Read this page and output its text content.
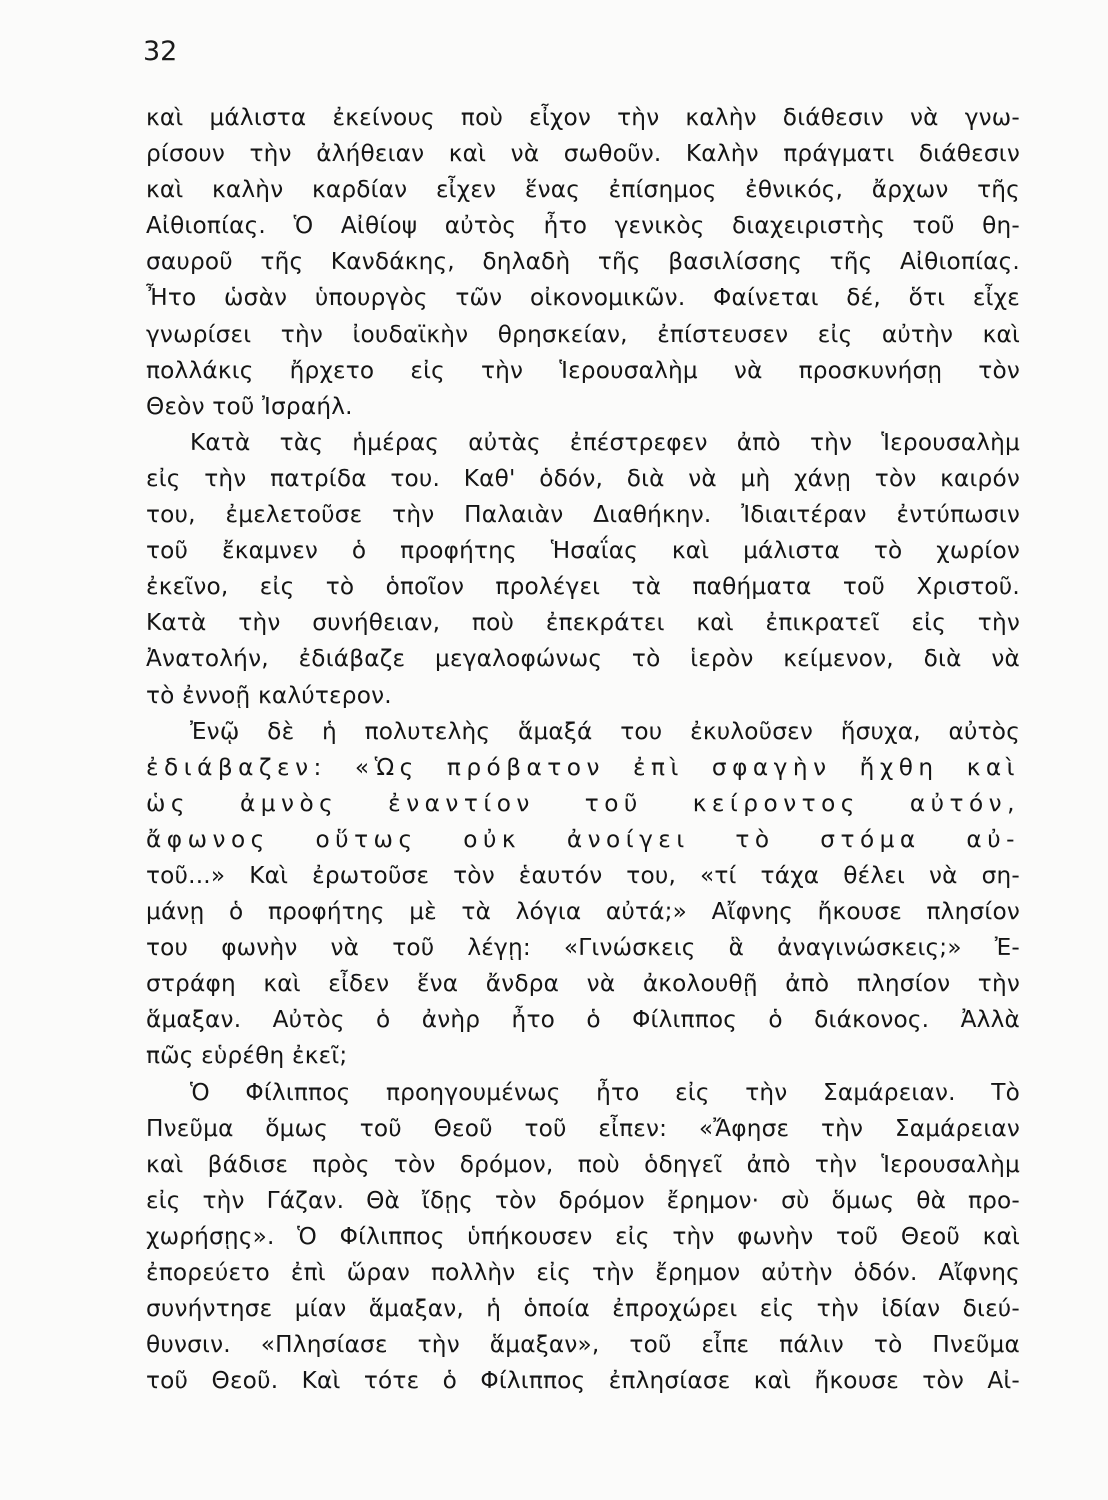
32
καὶ μάλιστα ἐκείνους ποὺ εἶχον τὴν καλὴν διάθεσιν νὰ γνω-
ρίσουν τὴν ἀλήθειαν καὶ νὰ σωθοῦν. Καλὴν πράγματι διάθεσιν
καὶ καλὴν καρδίαν εἶχεν ἕνας ἐπίσημος ἐθνικός, ἄρχων τῆς
Αἰθιοπίας. Ὁ Αἰθίοψ αὐτὸς ἦτο γενικὸς διαχειριστὴς τοῦ θη-
σαυροῦ τῆς Κανδάκης, δηλαδὴ τῆς βασιλίσσης τῆς Αἰθιοπίας.
Ἦτο ὡσὰν ὑπουργὸς τῶν οἰκονομικῶν. Φαίνεται δέ, ὅτι εἶχε
γνωρίσει τὴν ἰουδαϊκὴν θρησκείαν, ἐπίστευσεν εἰς αὐτὴν καὶ
πολλάκις ἤρχετο εἰς τὴν Ἱερουσαλὴμ νὰ προσκυνήσῃ τὸν
Θεὸν τοῦ Ἰσραήλ.
Κατὰ τὰς ἡμέρας αὐτὰς ἐπέστρεφεν ἀπὸ τὴν Ἱερουσαλὴμ
εἰς τὴν πατρίδα του. Καθ' ὁδόν, διὰ νὰ μὴ χάνῃ τὸν καιρόν
του, ἐμελετοῦσε τὴν Παλαιὰν Διαθήκην. Ἰδιαιτέραν ἐντύπωσιν
τοῦ ἔκαμνεν ὁ προφήτης Ἡσαΐας καὶ μάλιστα τὸ χωρίον
ἐκεῖνο, εἰς τὸ ὁποῖον προλέγει τὰ παθήματα τοῦ Χριστοῦ.
Κατὰ τὴν συνήθειαν, ποὺ ἐπεκράτει καὶ ἐπικρατεῖ εἰς τὴν
Ἀνατολήν, ἐδιάβαζε μεγαλοφώνως τὸ ἱερὸν κείμενον, διὰ νὰ
τὸ ἐννοῇ καλύτερον.
Ἐνῷ δὲ ἡ πολυτελὴς ἅμαξά του ἐκυλοῦσεν ἥσυχα, αὐτὸς
ἐδιάβαζεν: «Ὡς πρόβατον ἐπὶ σφαγὴν ἤχθη καὶ
ὡς ἀμνὸς ἐναντίον τοῦ κείροντος αὐτόν,
ἄφωνος οὕτως οὐκ ἀνοίγει τὸ στόμα αὐ-
τοῦ...» Καὶ ἐρωτοῦσε τὸν ἑαυτόν του, «τί τάχα θέλει νὰ ση-
μάνῃ ὁ προφήτης μὲ τὰ λόγια αὐτά;» Αἴφνης ἤκουσε πλησίον
του φωνὴν νὰ τοῦ λέγῃ: «Γινώσκεις ἃ ἀναγινώσκεις;» Ἐ-
στράφη καὶ εἶδεν ἕνα ἄνδρα νὰ ἀκολουθῇ ἀπὸ πλησίον τὴν
ἅμαξαν. Αὐτὸς ὁ ἀνὴρ ἦτο ὁ Φίλιππος ὁ διάκονος. Ἀλλὰ
πῶς εὑρέθη ἐκεῖ;
Ὁ Φίλιππος προηγουμένως ἦτο εἰς τὴν Σαμάρειαν. Τὸ
Πνεῦμα ὅμως τοῦ Θεοῦ τοῦ εἶπεν: «Ἄφησε τὴν Σαμάρειαν
καὶ βάδισε πρὸς τὸν δρόμον, ποὺ ὁδηγεῖ ἀπὸ τὴν Ἱερουσαλὴμ
εἰς τὴν Γάζαν. Θὰ ἴδῃς τὸν δρόμον ἔρημον· σὺ ὅμως θὰ προ-
χωρήσῃς». Ὁ Φίλιππος ὑπήκουσεν εἰς τὴν φωνὴν τοῦ Θεοῦ καὶ
ἐπορεύετο ἐπὶ ὥραν πολλὴν εἰς τὴν ἔρημον αὐτὴν ὁδόν. Αἴφνης
συνήντησε μίαν ἅμαξαν, ἡ ὁποία ἐπροχώρει εἰς τὴν ἰδίαν διεύ-
θυνσιν. «Πλησίασε τὴν ἅμαξαν», τοῦ εἶπε πάλιν τὸ Πνεῦμα
τοῦ Θεοῦ. Καὶ τότε ὁ Φίλιππος ἐπλησίασε καὶ ἤκουσε τὸν Αἰ-
